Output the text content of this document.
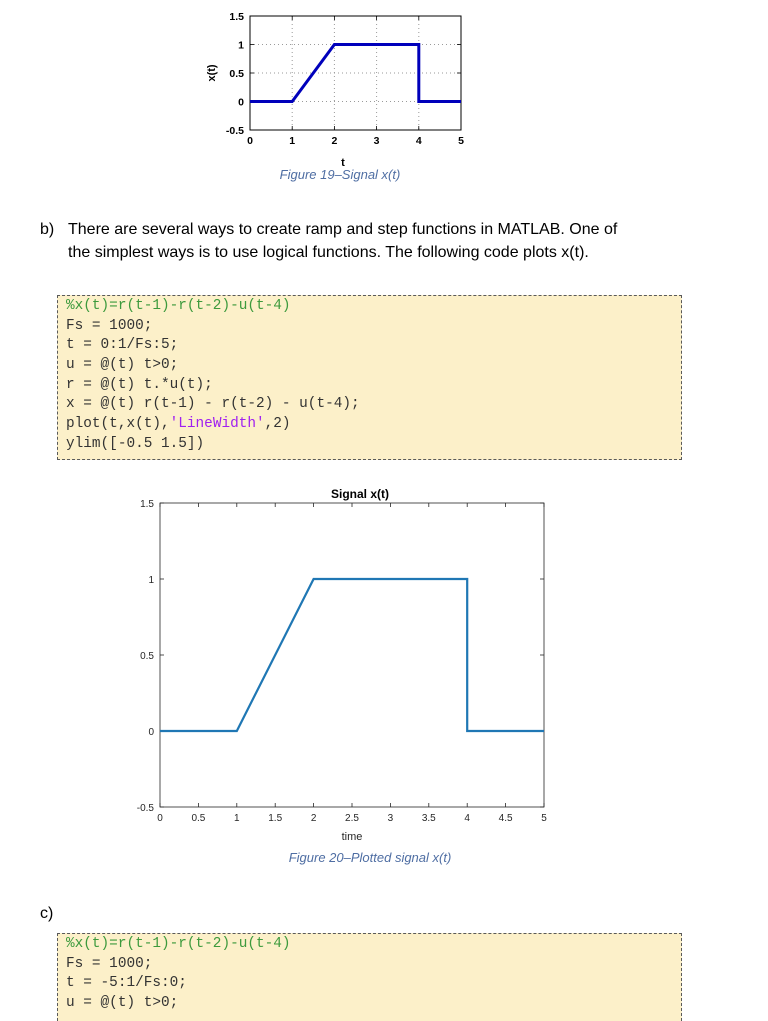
0	1	2	3	4	5
-0.5
0
0.5
1
1.5
t
x(t)
Figure 19–Signal x(t)
b) There are several ways to create ramp and step functions in MATLAB. One of
the simplest ways is to use logical functions. The following code plots x(t).
%x(t)=r(t-1)-r(t-2)-u(t-4)
Fs = 1000;
t = 0:1/Fs:5;
u = @(t) t>0;
r = @(t) t.*u(t);
x = @(t) r(t-1) - r(t-2) - u(t-4);
plot(t,x(t),'LineWidth',2)
ylim([-0.5 1.5])
Signal x(t)
0	0.5	1	1.5	2	2.5	3	3.5	4	4.5	5
-0.5
0
0.5
1
1.5
time
Figure 20–Plotted signal x(t)
c)
%x(t)=r(t-1)-r(t-2)-u(t-4)
Fs = 1000;
t = -5:1/Fs:0;
u = @(t) t>0;
